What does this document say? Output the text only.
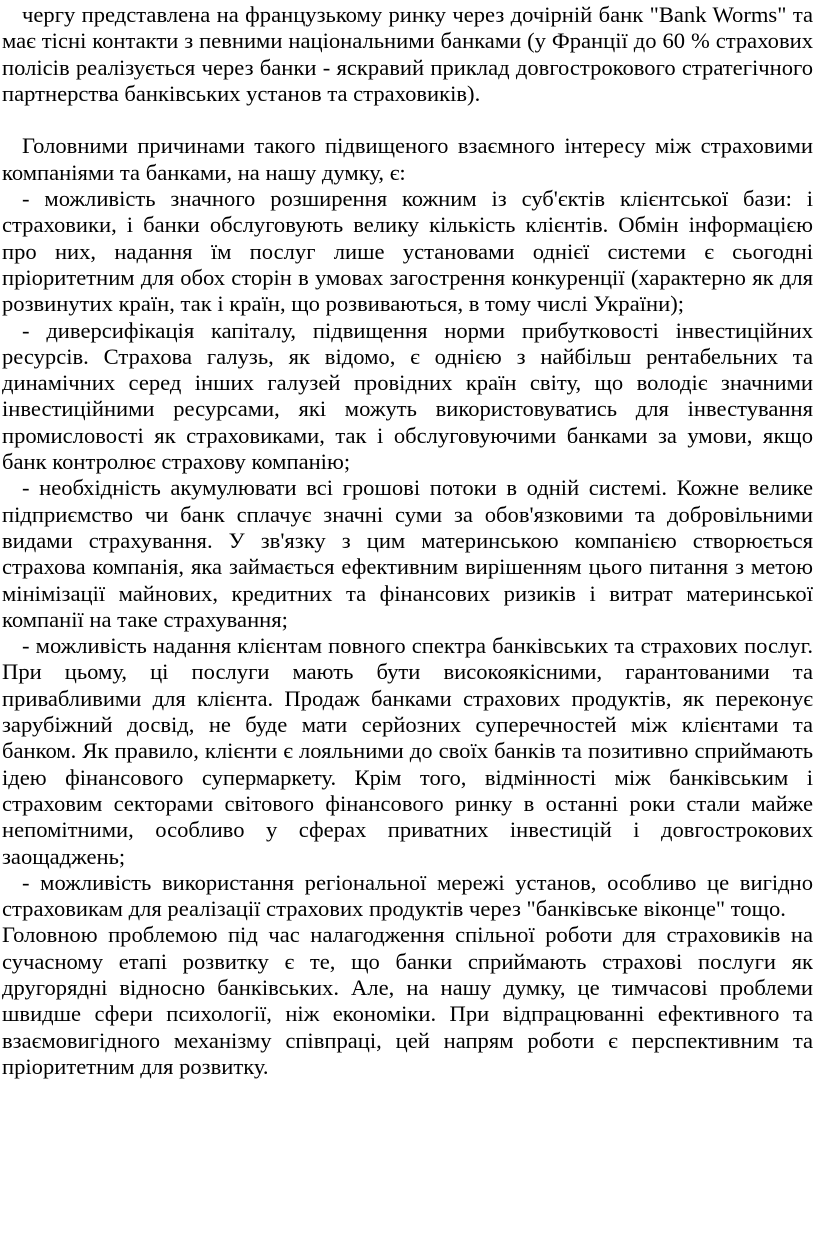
чергу представлена на французькому ринку через дочірній банк "Bank Worms" та має тісні контакти з певними національними банками (у Франції до 60 % страхових полісів реалізується через банки - яскравий приклад довгострокового стратегічного партнерства банківських установ та страховиків).

Головними причинами такого підвищеного взаємного інтересу між страховими компаніями та банками, на нашу думку, є:

- можливість значного розширення кожним із суб'єктів клієнтської бази: і страховики, і банки обслуговують велику кількість клієнтів. Обмін інформацією про них, надання їм послуг лише установами однієї системи є сьогодні пріоритетним для обох сторін в умовах загострення конкуренції (характерно як для розвинутих країн, так і країн, що розвиваються, в тому числі України);

- диверсифікація капіталу, підвищення норми прибутковості інвестиційних ресурсів. Страхова галузь, як відомо, є однією з найбільш рентабельних та динамічних серед інших галузей провідних країн світу, що володіє значними інвестиційними ресурсами, які можуть використовуватись для інвестування промисловості як страховиками, так і обслуговуючими банками за умови, якщо банк контролює страхову компанію;

- необхідність акумулювати всі грошові потоки в одній системі. Кожне велике підприємство чи банк сплачує значні суми за обов'язковими та добровільними видами страхування. У зв'язку з цим материнською компанією створюється страхова компанія, яка займається ефективним вирішенням цього питання з метою мінімізації майнових, кредитних та фінансових ризиків і витрат материнської компанії на таке страхування;

- можливість надання клієнтам повного спектра банківських та страхових послуг. При цьому, ці послуги мають бути високоякісними, гарантованими та привабливими для клієнта. Продаж банками страхових продуктів, як переконує зарубіжний досвід, не буде мати серйозних суперечностей між клієнтами та банком. Як правило, клієнти є лояльними до своїх банків та позитивно сприймають ідею фінансового супермаркету. Крім того, відмінності між банківським і страховим секторами світового фінансового ринку в останні роки стали майже непомітними, особливо у сферах приватних інвестицій і довгострокових заощаджень;

- можливість використання регіональної мережі установ, особливо це вигідно страховикам для реалізації страхових продуктів через "банківське віконце" тощо.

Головною проблемою під час налагодження спільної роботи для страховиків на сучасному етапі розвитку є те, що банки сприймають страхові послуги як другорядні відносно банківських. Але, на нашу думку, це тимчасові проблеми швидше сфери психології, ніж економіки. При відпрацюванні ефективного та взаємовигідного механізму співпраці, цей напрям роботи є перспективним та пріоритетним для розвитку.
